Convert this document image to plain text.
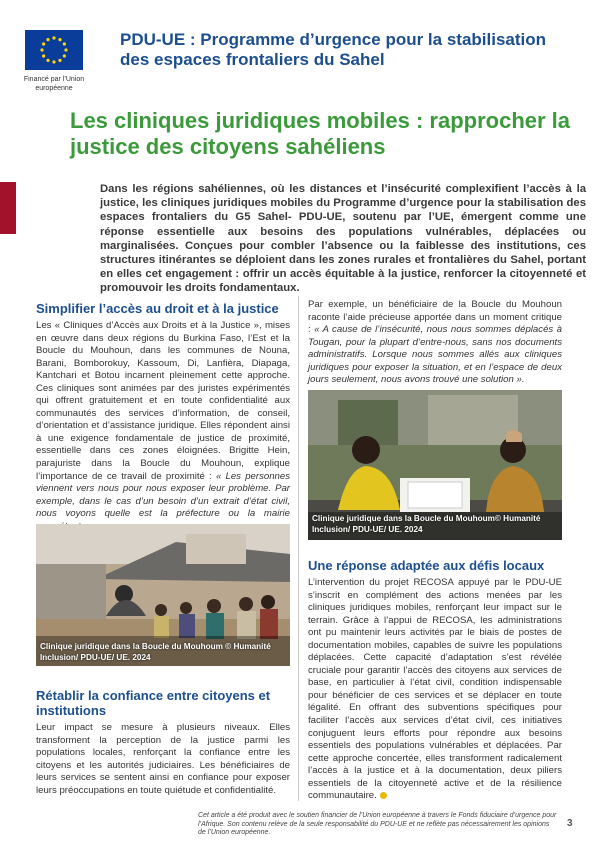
Financé par l’Union européenne
PDU-UE : Programme d’urgence pour la stabilisation des espaces frontaliers du Sahel
Les cliniques juridiques mobiles : rapprocher la justice des citoyens sahéliens
Dans les régions sahéliennes, où les distances et l’insécurité complexifient l’accès à la justice, les cliniques juridiques mobiles du Programme d’urgence pour la stabilisation des espaces frontaliers du G5 Sahel- PDU-UE, soutenu par l’UE, émergent comme une réponse essentielle aux besoins des populations vulnérables, déplacées ou marginalisées. Conçues pour combler l’absence ou la faiblesse des institutions, ces structures itinérantes se déploient dans les zones rurales et frontalières du Sahel, portant en elles cet engagement : offrir un accès équitable à la justice, renforcer la citoyenneté et promouvoir les droits fondamentaux.
Simplifier l’accès au droit et à la justice
Les « Cliniques d’Accès aux Droits et à la Justice », mises en œuvre dans deux régions du Burkina Faso, l’Est et la Boucle du Mouhoun, dans les communes de Nouna, Barani, Bomborokuy, Kassoum, Di, Lanfièra, Diapaga, Kantchari et Botou incarnent pleinement cette approche. Ces cliniques sont animées par des juristes expérimentés qui offrent gratuitement et en toute confidentialité aux communautés des services d’information, de conseil, d’orientation et d’assistance juridique. Elles répondent ainsi à une exigence fondamentale de justice de proximité, essentielle dans ces zones éloignées. Brigitte Hein, parajuriste dans la Boucle du Mouhoun, explique l’importance de ce travail de proximité : « Les personnes viennent vers nous pour nous exposer leur problème. Par exemple, dans le cas d’un besoin d’un extrait d’état civil, nous voyons quelle est la préfecture ou la mairie
Clinique juridique dans la Boucle du Mouhoum © Humanité Inclusion/ PDU-UE/ UE. 2024
Rétablir la confiance entre citoyens et institutions
Leur impact se mesure à plusieurs niveaux. Elles transforment la perception de la justice parmi les populations locales, renforçant la confiance entre les citoyens et les autorités judiciaires. Les bénéficiaires de leurs services se sentent ainsi en confiance pour exposer leurs préoccupations en toute quiétude et confidentialité.
Par exemple, un bénéficiaire de la Boucle du Mouhoun raconte l’aide précieuse apportée dans un moment critique : « A cause de l’insécurité, nous nous sommes déplacés à Tougan, pour la plupart d’entre-nous, sans nos documents administratifs. Lorsque nous sommes allés aux cliniques juridiques pour exposer la situation, et en l’espace de deux jours seulement, nous avons trouvé une solution ».
Clinique juridique dans la Boucle du Mouhoum© Humanité Inclusion/ PDU-UE/ UE. 2024
Une réponse adaptée aux défis locaux
L’intervention du projet RECOSA appuyé par le PDU-UE s’inscrit en complément des actions menées par les cliniques juridiques mobiles, renforçant leur impact sur le terrain. Grâce à l’appui de RECOSA, les administrations ont pu maintenir leurs activités par le biais de postes de documentation mobiles, capables de suivre les populations déplacées. Cette capacité d’adaptation s’est révélée cruciale pour garantir l’accès des citoyens aux services de base, en particulier à l’état civil, condition indispensable pour bénéficier de ces services et se déplacer en toute légalité. En offrant des subventions spécifiques pour faciliter l’accès aux services d’état civil, ces initiatives conjuguent leurs efforts pour répondre aux besoins essentiels des populations vulnérables et déplacées. Par cette approche concertée, elles transforment radicalement l’accès à la justice et à la documentation, deux piliers essentiels de la citoyenneté active et de la résilience communautaire.
Cet article a été produit avec le soutien financier de l’Union européenne à travers le Fonds fiduciaire d’urgence pour l’Afrique. Son contenu relève de la seule responsabilité du PDU-UE et ne reflète pas nécessairement les opinions de l’Union européenne.
3
